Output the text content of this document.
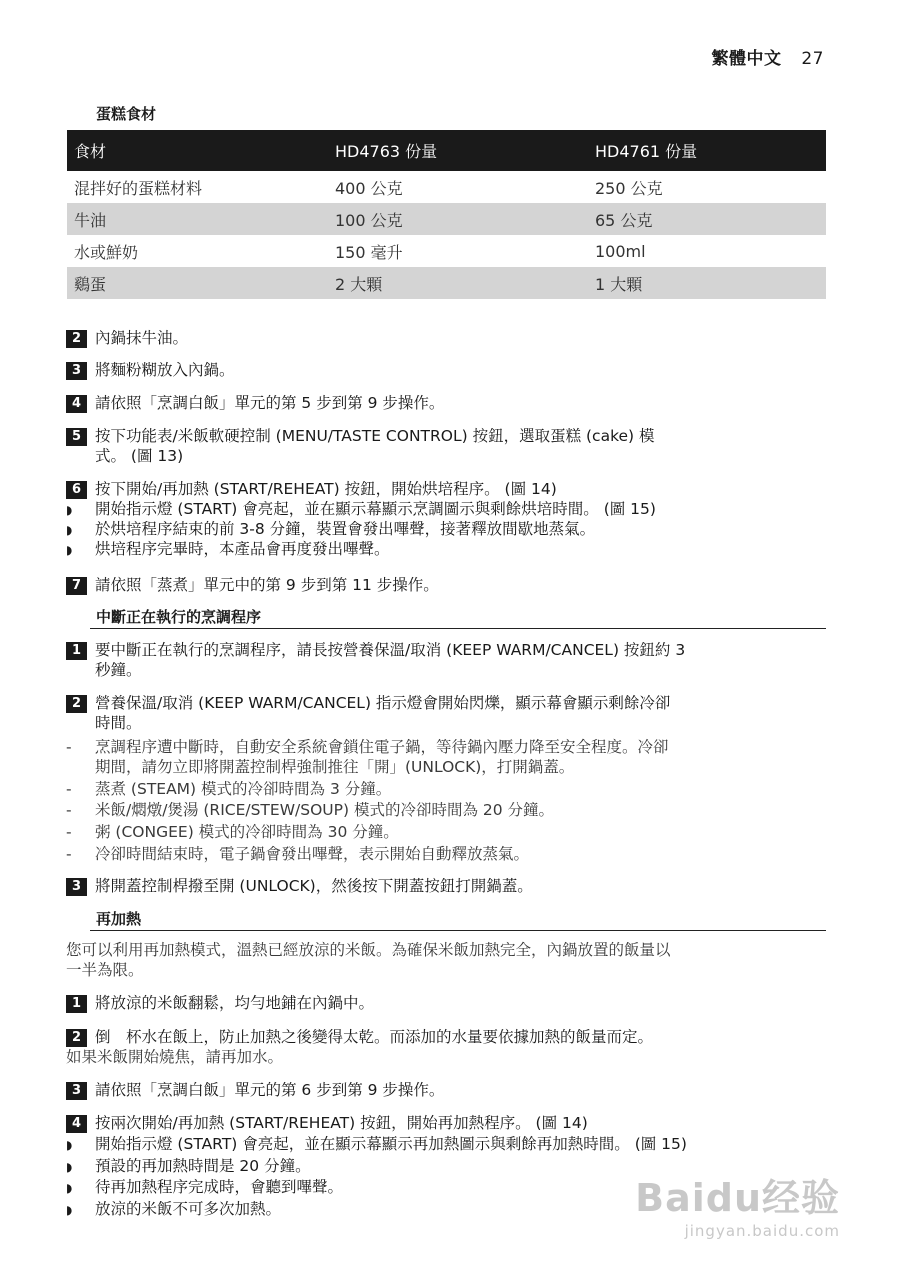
繁體中文 27
蛋糕食材
食材	HD4763 份量	HD4761 份量
混拌好的蛋糕材料	400 公克	250 公克
牛油	100 公克	65 公克
水或鮮奶	150 毫升	100ml
鷄蛋	2 大顆	1 大顆
2 內鍋抹牛油。
3 將麵粉糊放入內鍋。
4 請依照「烹調白飯」單元的第 5 步到第 9 步操作。
5 按下功能表/米飯軟硬控制 (MENU/TASTE CONTROL) 按鈕，選取蛋糕 (cake) 模
式。 (圖 13)
6 按下開始/再加熱 (START/REHEAT) 按鈕，開始烘培程序。 (圖 14)
◗ 開始指示燈 (START) 會亮起，並在顯示幕顯示烹調圖示與剩餘烘培時間。 (圖 15)
◗ 於烘培程序結束的前 3-8 分鐘，裝置會發出嗶聲，接著釋放間歇地蒸氣。
◗ 烘培程序完畢時，本產品會再度發出嗶聲。
7 請依照「蒸煮」單元中的第 9 步到第 11 步操作。
中斷正在執行的烹調程序
1 要中斷正在執行的烹調程序，請長按營養保溫/取消 (KEEP WARM/CANCEL) 按鈕約 3
秒鐘。
2 營養保溫/取消 (KEEP WARM/CANCEL) 指示燈會開始閃爍，顯示幕會顯示剩餘冷卻
時間。
- 烹調程序遭中斷時，自動安全系統會鎖住電子鍋，等待鍋內壓力降至安全程度。冷卻
期間，請勿立即將開蓋控制桿強制推往「開」(UNLOCK)，打開鍋蓋。
- 蒸煮 (STEAM) 模式的冷卻時間為 3 分鐘。
- 米飯/燜燉/煲湯 (RICE/STEW/SOUP) 模式的冷卻時間為 20 分鐘。
- 粥 (CONGEE) 模式的冷卻時間為 30 分鐘。
- 冷卻時間結束時，電子鍋會發出嗶聲，表示開始自動釋放蒸氣。
3 將開蓋控制桿撥至開 (UNLOCK)，然後按下開蓋按鈕打開鍋蓋。
再加熱
您可以利用再加熱模式，溫熱已經放涼的米飯。為確保米飯加熱完全，內鍋放置的飯量以
一半為限。
1 將放涼的米飯翻鬆，均勻地鋪在內鍋中。
2 倒　杯水在飯上，防止加熱之後變得太乾。而添加的水量要依據加熱的飯量而定。
如果米飯開始燒焦，請再加水。
3 請依照「烹調白飯」單元的第 6 步到第 9 步操作。
4 按兩次開始/再加熱 (START/REHEAT) 按鈕，開始再加熱程序。 (圖 14)
◗ 開始指示燈 (START) 會亮起，並在顯示幕顯示再加熱圖示與剩餘再加熱時間。 (圖 15)
◗ 預設的再加熱時間是 20 分鐘。
◗ 待再加熱程序完成時，會聽到嗶聲。
◗ 放涼的米飯不可多次加熱。	Baidu经验
jingyan.baidu.com
